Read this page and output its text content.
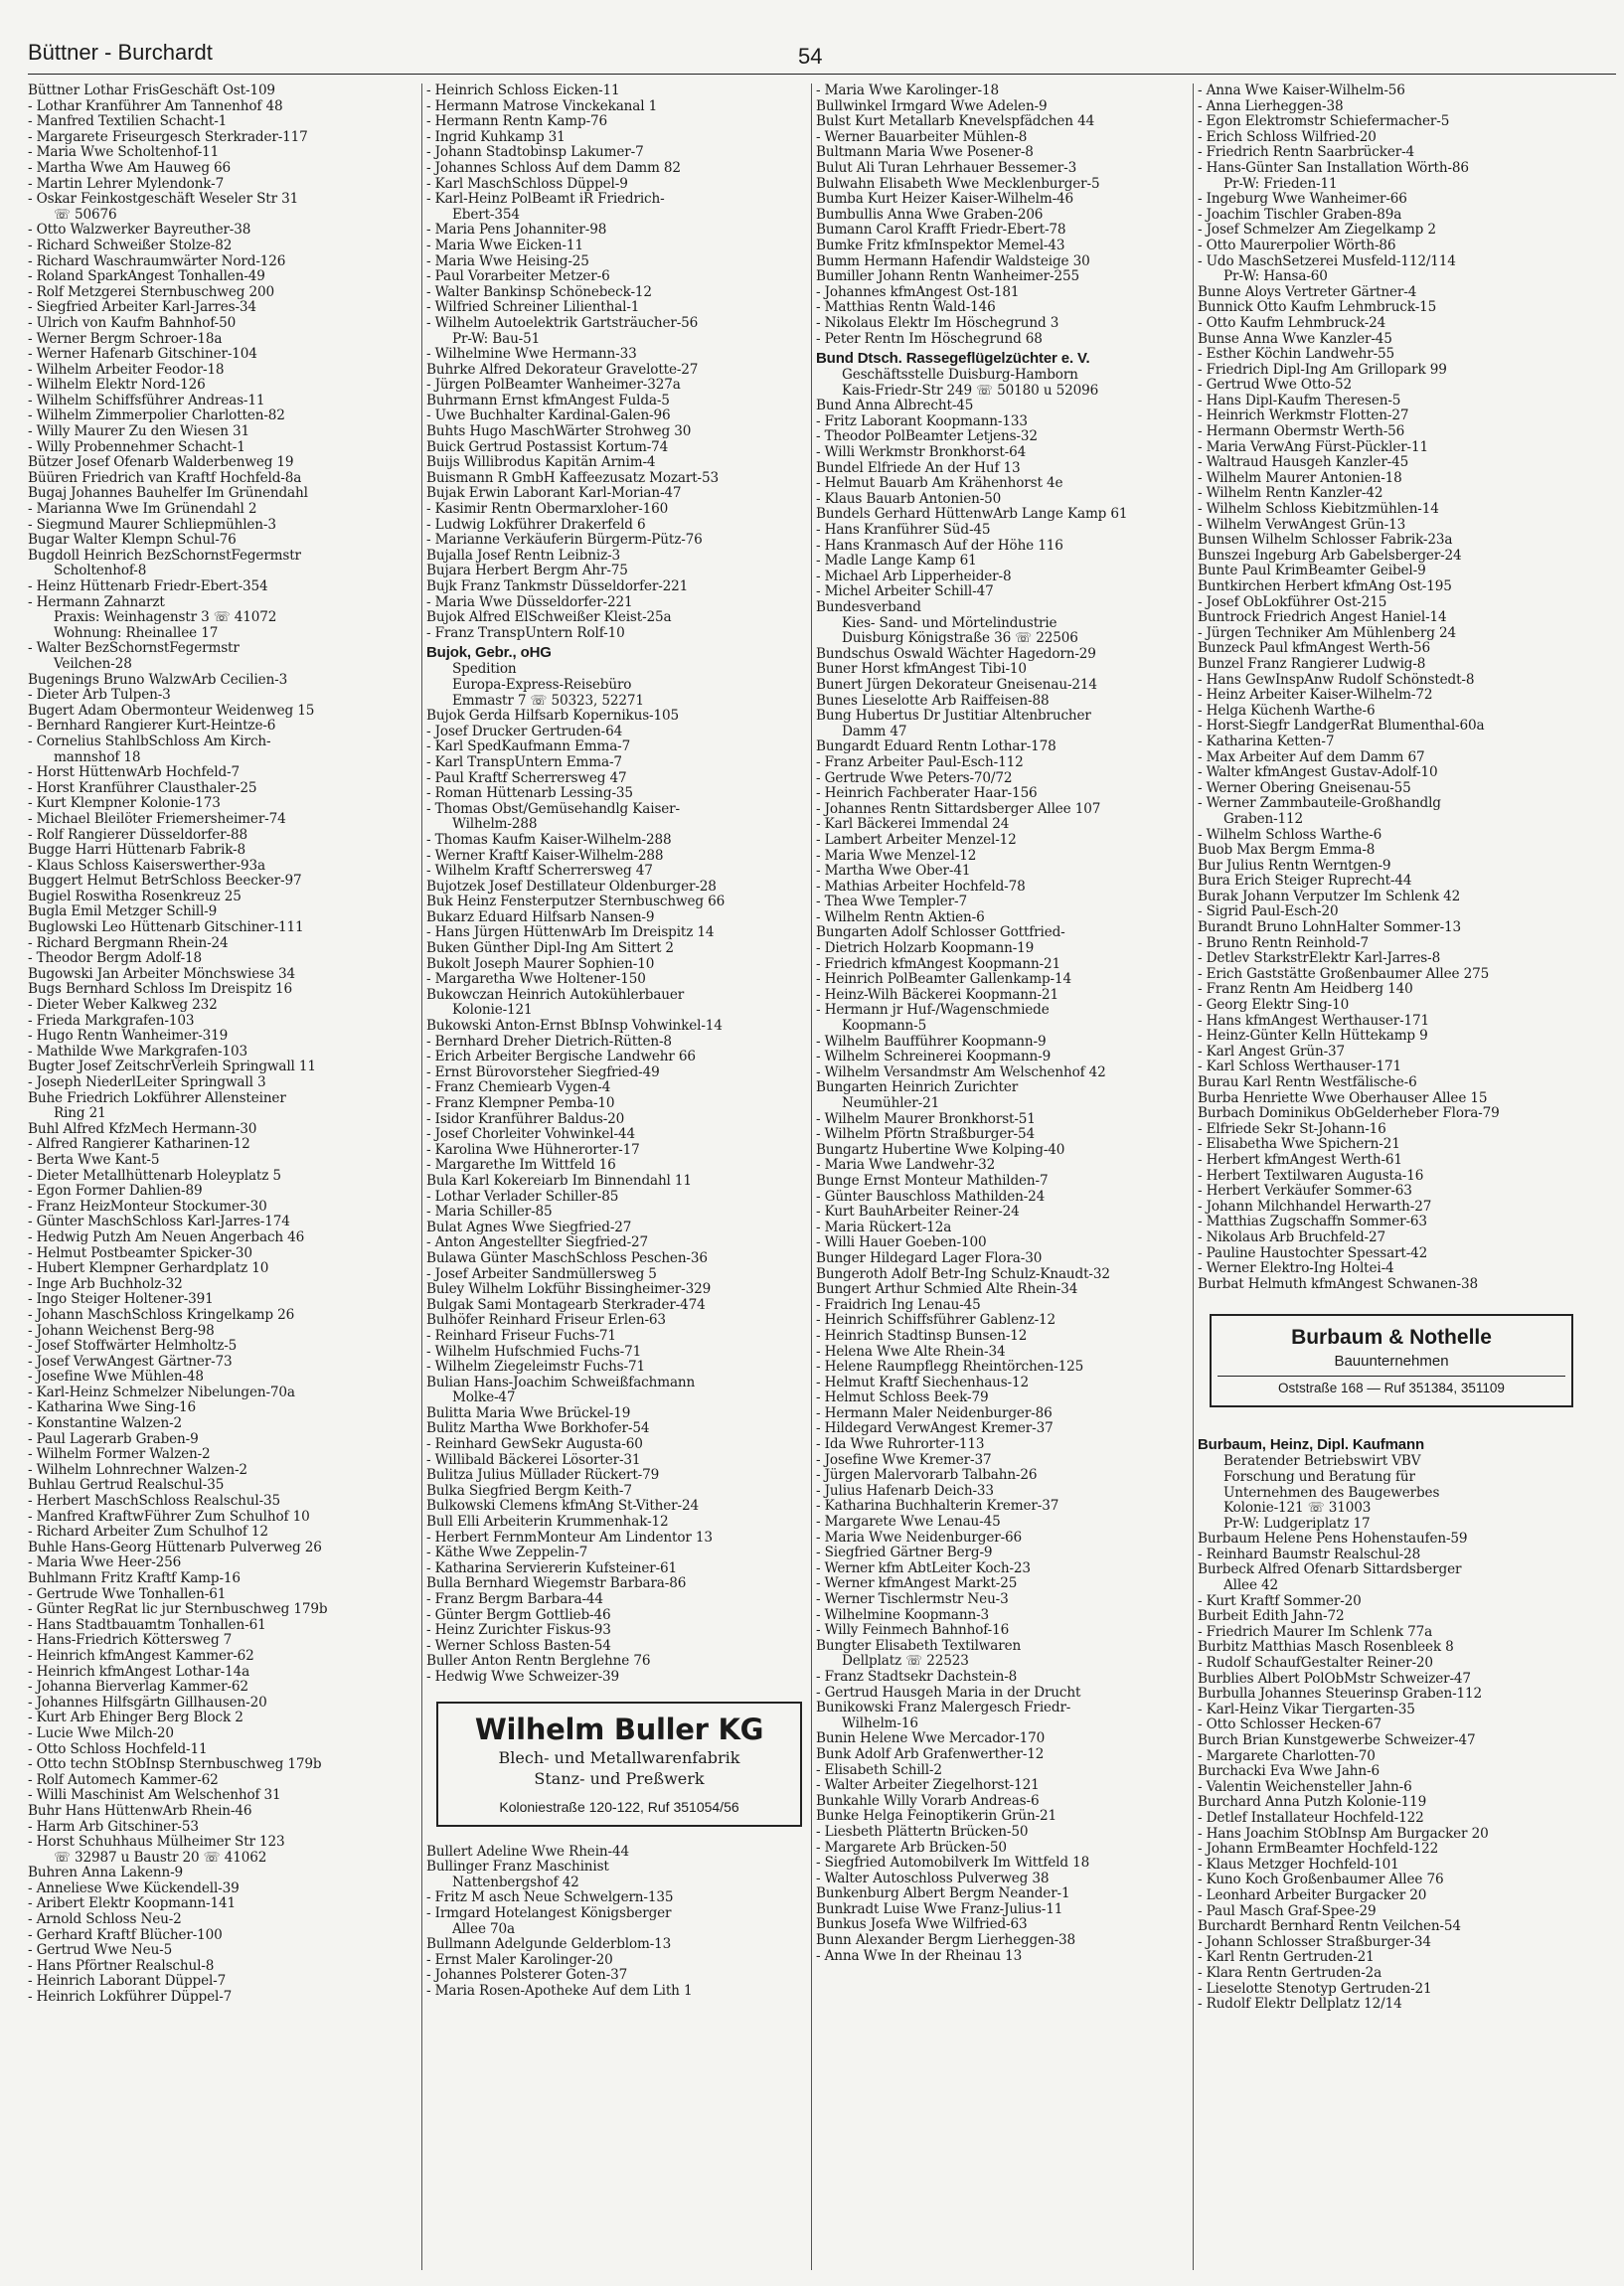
Büttner - Burchardt	54
Büttner Lothar FrisGeschäft Ost-109
- Lothar Kranführer Am Tannenhof 48
- Manfred Textilien Schacht-1
- Margarete Friseurgesch Sterkrader-117
- Maria Wwe Scholtenhof-11
- Martha Wwe Am Hauweg 66
- Martin Lehrer Mylendonk-7
- Oskar Feinkostgeschäft Weseler Str 31
☏ 50676
- Otto Walzwerker Bayreuther-38
- Richard Schweißer Stolze-82
- Richard Waschraumwärter Nord-126
- Roland SparkAngest Tonhallen-49
- Rolf Metzgerei Sternbuschweg 200
- Siegfried Arbeiter Karl-Jarres-34
- Ulrich von Kaufm Bahnhof-50
- Werner Bergm Schroer-18a
- Werner Hafenarb Gitschiner-104
- Wilhelm Arbeiter Feodor-18
- Wilhelm Elektr Nord-126
- Wilhelm Schiffsführer Andreas-11
- Wilhelm Zimmerpolier Charlotten-82
- Willy Maurer Zu den Wiesen 31
- Willy Probennehmer Schacht-1
Bützer Josef Ofenarb Walderbenweg 19
Büüren Friedrich van Kraftf Hochfeld-8a
Bugaj Johannes Bauhelfer Im Grünendahl
- Marianna Wwe Im Grünendahl 2
- Siegmund Maurer Schliepmühlen-3
Bugar Walter Klempn Schul-76
Bugdoll Heinrich BezSchornstFegermstr
Scholtenhof-8
- Heinz Hüttenarb Friedr-Ebert-354
- Hermann Zahnarzt
Praxis: Weinhagenstr 3 ☏ 41072
Wohnung: Rheinallee 17
- Walter BezSchornstFegermstr
Veilchen-28
Bugenings Bruno WalzwArb Cecilien-3
- Dieter Arb Tulpen-3
Bugert Adam Obermonteur Weidenweg 15
- Bernhard Rangierer Kurt-Heintze-6
- Cornelius StahlbSchloss Am Kirch-
mannshof 18
- Horst HüttenwArb Hochfeld-7
- Horst Kranführer Clausthaler-25
- Kurt Klempner Kolonie-173
- Michael Bleilöter Friemersheimer-74
- Rolf Rangierer Düsseldorfer-88
Bugge Harri Hüttenarb Fabrik-8
- Klaus Schloss Kaiserswerther-93a
Buggert Helmut BetrSchloss Beecker-97
Bugiel Roswitha Rosenkreuz 25
Bugla Emil Metzger Schill-9
Buglowski Leo Hüttenarb Gitschiner-111
- Richard Bergmann Rhein-24
- Theodor Bergm Adolf-18
Bugowski Jan Arbeiter Mönchswiese 34
Bugs Bernhard Schloss Im Dreispitz 16
- Dieter Weber Kalkweg 232
- Frieda Markgrafen-103
- Hugo Rentn Wanheimer-319
- Mathilde Wwe Markgrafen-103
Bugter Josef ZeitschrVerleih Springwall 11
- Joseph NiederlLeiter Springwall 3
Buhe Friedrich Lokführer Allensteiner
Ring 21
Buhl Alfred KfzMech Hermann-30
- Alfred Rangierer Katharinen-12
- Berta Wwe Kant-5
- Dieter Metallhüttenarb Holeyplatz 5
- Egon Former Dahlien-89
- Franz HeizMonteur Stockumer-30
- Günter MaschSchloss Karl-Jarres-174
- Hedwig Putzh Am Neuen Angerbach 46
- Helmut Postbeamter Spicker-30
- Hubert Klempner Gerhardplatz 10
- Inge Arb Buchholz-32
- Ingo Steiger Holtener-391
- Johann MaschSchloss Kringelkamp 26
- Johann Weichenst Berg-98
- Josef Stoffwärter Helmholtz-5
- Josef VerwAngest Gärtner-73
- Josefine Wwe Mühlen-48
- Karl-Heinz Schmelzer Nibelungen-70a
- Katharina Wwe Sing-16
- Konstantine Walzen-2
- Paul Lagerarb Graben-9
- Wilhelm Former Walzen-2
- Wilhelm Lohnrechner Walzen-2
Buhlau Gertrud Realschul-35
- Herbert MaschSchloss Realschul-35
- Manfred KraftwFührer Zum Schulhof 10
- Richard Arbeiter Zum Schulhof 12
Buhle Hans-Georg Hüttenarb Pulverweg 26
- Maria Wwe Heer-256
Buhlmann Fritz Kraftf Kamp-16
- Gertrude Wwe Tonhallen-61
- Günter RegRat lic jur Sternbuschweg 179b
- Hans Stadtbauamtm Tonhallen-61
- Hans-Friedrich Köttersweg 7
- Heinrich kfmAngest Kammer-62
- Heinrich kfmAngest Lothar-14a
- Johanna Bierverlag Kammer-62
- Johannes Hilfsgärtn Gillhausen-20
- Kurt Arb Ehinger Berg Block 2
- Lucie Wwe Milch-20
- Otto Schloss Hochfeld-11
- Otto techn StObInsp Sternbuschweg 179b
- Rolf Automech Kammer-62
- Willi Maschinist Am Welschenhof 31
Buhr Hans HüttenwArb Rhein-46
- Harm Arb Gitschiner-53
- Horst Schuhhaus Mülheimer Str 123
☏ 32987 u Baustr 20 ☏ 41062
Buhren Anna Lakenn-9
- Anneliese Wwe Kückendell-39
- Aribert Elektr Koopmann-141
- Arnold Schloss Neu-2
- Gerhard Kraftf Blücher-100
- Gertrud Wwe Neu-5
- Hans Pförtner Realschul-8
- Heinrich Laborant Düppel-7
- Heinrich Lokführer Düppel-7
- Heinrich Schloss Eicken-11
- Hermann Matrose Vinckekanal 1
- Hermann Rentn Kamp-76
- Ingrid Kuhkamp 31
- Johann Stadtobinsp Lakumer-7
- Johannes Schloss Auf dem Damm 82
- Karl MaschSchloss Düppel-9
- Karl-Heinz PolBeamt iR Friedrich-
Ebert-354
- Maria Pens Johanniter-98
- Maria Wwe Eicken-11
- Maria Wwe Heising-25
- Paul Vorarbeiter Metzer-6
- Walter Bankinsp Schönebeck-12
- Wilfried Schreiner Lilienthal-1
- Wilhelm Autoelektrik Gartsträucher-56
Pr-W: Bau-51
- Wilhelmine Wwe Hermann-33
Buhrke Alfred Dekorateur Gravelotte-27
- Jürgen PolBeamter Wanheimer-327a
Buhrmann Ernst kfmAngest Fulda-5
- Uwe Buchhalter Kardinal-Galen-96
Buhts Hugo MaschWärter Strohweg 30
Buick Gertrud Postassist Kortum-74
Buijs Willibrodus Kapitän Arnim-4
Buismann R GmbH Kaffeezusatz Mozart-53
Bujak Erwin Laborant Karl-Morian-47
- Kasimir Rentn Obermarxloher-160
- Ludwig Lokführer Drakerfeld 6
- Marianne Verkäuferin Bürgerm-Pütz-76
Bujalla Josef Rentn Leibniz-3
Bujara Herbert Bergm Ahr-75
Bujk Franz Tankmstr Düsseldorfer-221
- Maria Wwe Düsseldorfer-221
Bujok Alfred ElSchweißer Kleist-25a
- Franz TranspUntern Rolf-10
Bujok, Gebr., oHG
Spedition
Europa-Express-Reisebüro
Emmastr 7 ☏ 50323, 52271
Bujok Gerda Hilfsarb Kopernikus-105
- Josef Drucker Gertruden-64
- Karl SpedKaufmann Emma-7
- Karl TranspUntern Emma-7
- Paul Kraftf Scherrersweg 47
- Roman Hüttenarb Lessing-35
- Thomas Obst/Gemüsehandlg Kaiser-
Wilhelm-288
- Thomas Kaufm Kaiser-Wilhelm-288
- Werner Kraftf Kaiser-Wilhelm-288
- Wilhelm Kraftf Scherrersweg 47
Bujotzek Josef Destillateur Oldenburger-28
Buk Heinz Fensterputzer Sternbuschweg 66
Bukarz Eduard Hilfsarb Nansen-9
- Hans Jürgen HüttenwArb Im Dreispitz 14
Buken Günther Dipl-Ing Am Sittert 2
Bukolt Joseph Maurer Sophien-10
- Margaretha Wwe Holtener-150
Bukowczan Heinrich Autokühlerbauer
Kolonie-121
Bukowski Anton-Ernst BbInsp Vohwinkel-14
- Bernhard Dreher Dietrich-Rütten-8
- Erich Arbeiter Bergische Landwehr 66
- Ernst Bürovorsteher Siegfried-49
- Franz Chemiearb Vygen-4
- Franz Klempner Pemba-10
- Isidor Kranführer Baldus-20
- Josef Chorleiter Vohwinkel-44
- Karolina Wwe Hühnerorter-17
- Margarethe Im Wittfeld 16
Bula Karl Kokereiarb Im Binnendahl 11
- Lothar Verlader Schiller-85
- Maria Schiller-85
Bulat Agnes Wwe Siegfried-27
- Anton Angestellter Siegfried-27
Bulawa Günter MaschSchloss Peschen-36
- Josef Arbeiter Sandmüllersweg 5
Buley Wilhelm Lokführ Bissingheimer-329
Bulgak Sami Montagearb Sterkrader-474
Bulhöfer Reinhard Friseur Erlen-63
- Reinhard Friseur Fuchs-71
- Wilhelm Hufschmied Fuchs-71
- Wilhelm Ziegeleimstr Fuchs-71
Bulian Hans-Joachim Schweißfachmann
Molke-47
Bulitta Maria Wwe Brückel-19
Bulitz Martha Wwe Borkhofer-54
- Reinhard GewSekr Augusta-60
- Willibald Bäckerei Lösorter-31
Bulitza Julius Müllader Rückert-79
Bulka Siegfried Bergm Keith-7
Bulkowski Clemens kfmAng St-Vither-24
Bull Elli Arbeiterin Krummenhak-12
- Herbert FernmMonteur Am Lindentor 13
- Käthe Wwe Zeppelin-7
- Katharina Serviererin Kufsteiner-61
Bulla Bernhard Wiegemstr Barbara-86
- Franz Bergm Barbara-44
- Günter Bergm Gottlieb-46
- Heinz Zurichter Fiskus-93
- Werner Schloss Basten-54
Buller Anton Rentn Berglehne 76
- Hedwig Wwe Schweizer-39
Wilhelm Buller KG
Blech- und Metallwarenfabrik
Stanz- und Preßwerk
Koloniestraße 120-122, Ruf 351054/56
Bullert Adeline Wwe Rhein-44
Bullinger Franz Maschinist
Nattenbergshof 42
- Fritz M asch Neue Schwelgern-135
- Irmgard Hotelangest Königsberger
Allee 70a
Bullmann Adelgunde Gelderblom-13
- Ernst Maler Karolinger-20
- Johannes Polsterer Goten-37
- Maria Rosen-Apotheke Auf dem Lith 1
- Maria Wwe Karolinger-18
Bullwinkel Irmgard Wwe Adelen-9
Bulst Kurt Metallarb Knevelspfädchen 44
- Werner Bauarbeiter Mühlen-8
Bultmann Maria Wwe Posener-8
Bulut Ali Turan Lehrhauer Bessemer-3
Bulwahn Elisabeth Wwe Mecklenburger-5
Bumba Kurt Heizer Kaiser-Wilhelm-46
Bumbullis Anna Wwe Graben-206
Bumann Carol Krafft Friedr-Ebert-78
Bumke Fritz kfmInspektor Memel-43
Bumm Hermann Hafendir Waldsteige 30
Bumiller Johann Rentn Wanheimer-255
- Johannes kfmAngest Ost-181
- Matthias Rentn Wald-146
- Nikolaus Elektr Im Höschegrund 3
- Peter Rentn Im Höschegrund 68
Bund Dtsch. Rassegeflügelzüchter e. V.
Geschäftsstelle Duisburg-Hamborn
Kais-Friedr-Str 249 ☏ 50180 u 52096
Bund Anna Albrecht-45
- Fritz Laborant Koopmann-133
- Theodor PolBeamter Letjens-32
- Willi Werkmstr Bronkhorst-64
Bundel Elfriede An der Huf 13
- Helmut Bauarb Am Krähenhorst 4e
- Klaus Bauarb Antonien-50
Bundels Gerhard HüttenwArb Lange Kamp 61
- Hans Kranführer Süd-45
- Hans Kranmasch Auf der Höhe 116
- Madle Lange Kamp 61
- Michael Arb Lipperheider-8
- Michel Arbeiter Schill-47
Bundesverband
Kies- Sand- und Mörtelindustrie
Duisburg Königstraße 36 ☏ 22506
Bundschus Oswald Wächter Hagedorn-29
Buner Horst kfmAngest Tibi-10
Bunert Jürgen Dekorateur Gneisenau-214
Bunes Lieselotte Arb Raiffeisen-88
Bung Hubertus Dr Justitiar Altenbrucher
Damm 47
Bungardt Eduard Rentn Lothar-178
- Franz Arbeiter Paul-Esch-112
- Gertrude Wwe Peters-70/72
- Heinrich Fachberater Haar-156
- Johannes Rentn Sittardsberger Allee 107
- Karl Bäckerei Immendal 24
- Lambert Arbeiter Menzel-12
- Maria Wwe Menzel-12
- Martha Wwe Ober-41
- Mathias Arbeiter Hochfeld-78
- Thea Wwe Templer-7
- Wilhelm Rentn Aktien-6
Bungarten Adolf Schlosser Gottfried-
- Dietrich Holzarb Koopmann-19
- Friedrich kfmAngest Koopmann-21
- Heinrich PolBeamter Gallenkamp-14
- Heinz-Wilh Bäckerei Koopmann-21
- Hermann jr Huf-/Wagenschmiede
Koopmann-5
- Wilhelm Baufführer Koopmann-9
- Wilhelm Schreinerei Koopmann-9
- Wilhelm Versandmstr Am Welschenhof 42
Bungarten Heinrich Zurichter
Neumühler-21
- Wilhelm Maurer Bronkhorst-51
- Wilhelm Pförtn Straßburger-54
Bungartz Hubertine Wwe Kolping-40
- Maria Wwe Landwehr-32
Bunge Ernst Monteur Mathilden-7
- Günter Bauschloss Mathilden-24
- Kurt BauhArbeiter Reiner-24
- Maria Rückert-12a
- Willi Hauer Goeben-100
Bunger Hildegard Lager Flora-30
Bungeroth Adolf Betr-Ing Schulz-Knaudt-32
Bungert Arthur Schmied Alte Rhein-34
- Fraidrich Ing Lenau-45
- Heinrich Schiffsführer Gablenz-12
- Heinrich Stadtinsp Bunsen-12
- Helena Wwe Alte Rhein-34
- Helene Raumpflegg Rheintörchen-125
- Helmut Kraftf Siechenhaus-12
- Helmut Schloss Beek-79
- Hermann Maler Neidenburger-86
- Hildegard VerwAngest Kremer-37
- Ida Wwe Ruhrorter-113
- Josefine Wwe Kremer-37
- Jürgen Malervorarb Talbahn-26
- Julius Hafenarb Deich-33
- Katharina Buchhalterin Kremer-37
- Margarete Wwe Lenau-45
- Maria Wwe Neidenburger-66
- Siegfried Gärtner Berg-9
- Werner kfm AbtLeiter Koch-23
- Werner kfmAngest Markt-25
- Werner Tischlermstr Neu-3
- Wilhelmine Koopmann-3
- Willy Feinmech Bahnhof-16
Bungter Elisabeth Textilwaren
Dellplatz ☏ 22523
- Franz Stadtsekr Dachstein-8
- Gertrud Hausgeh Maria in der Drucht
Bunikowski Franz Malergesch Friedr-
Wilhelm-16
Bunin Helene Wwe Mercador-170
Bunk Adolf Arb Grafenwerther-12
- Elisabeth Schill-2
- Walter Arbeiter Ziegelhorst-121
Bunkahle Willy Vorarb Andreas-6
Bunke Helga Feinoptikerin Grün-21
- Liesbeth Plättertn Brücken-50
- Margarete Arb Brücken-50
- Siegfried Automobilverk Im Wittfeld 18
- Walter Autoschloss Pulverweg 38
Bunkenburg Albert Bergm Neander-1
Bunkradt Luise Wwe Franz-Julius-11
Bunkus Josefa Wwe Wilfried-63
Bunn Alexander Bergm Lierheggen-38
- Anna Wwe In der Rheinau 13
- Anna Wwe Kaiser-Wilhelm-56
- Anna Lierheggen-38
- Egon Elektromstr Schiefermacher-5
- Erich Schloss Wilfried-20
- Friedrich Rentn Saarbrücker-4
- Hans-Günter San Installation Wörth-86
Pr-W: Frieden-11
- Ingeburg Wwe Wanheimer-66
- Joachim Tischler Graben-89a
- Josef Schmelzer Am Ziegelkamp 2
- Otto Maurerpolier Wörth-86
- Udo MaschSetzerei Musfeld-112/114
Pr-W: Hansa-60
Bunne Aloys Vertreter Gärtner-4
Bunnick Otto Kaufm Lehmbruck-15
- Otto Kaufm Lehmbruck-24
Bunse Anna Wwe Kanzler-45
- Esther Köchin Landwehr-55
- Friedrich Dipl-Ing Am Grillopark 99
- Gertrud Wwe Otto-52
- Hans Dipl-Kaufm Theresen-5
- Heinrich Werkmstr Flotten-27
- Hermann Obermstr Werth-56
- Maria VerwAng Fürst-Pückler-11
- Waltraud Hausgeh Kanzler-45
- Wilhelm Maurer Antonien-18
- Wilhelm Rentn Kanzler-42
- Wilhelm Schloss Kiebitzmühlen-14
- Wilhelm VerwAngest Grün-13
Bunsen Wilhelm Schlosser Fabrik-23a
Bunszei Ingeburg Arb Gabelsberger-24
Bunte Paul KrimBeamter Geibel-9
Buntkirchen Herbert kfmAng Ost-195
- Josef ObLokführer Ost-215
Buntrock Friedrich Angest Haniel-14
- Jürgen Techniker Am Mühlenberg 24
Bunzeck Paul kfmAngest Werth-56
Bunzel Franz Rangierer Ludwig-8
- Hans GewInspAnw Rudolf Schönstedt-8
- Heinz Arbeiter Kaiser-Wilhelm-72
- Helga Küchenh Warthe-6
- Horst-Siegfr LandgerRat Blumenthal-60a
- Katharina Ketten-7
- Max Arbeiter Auf dem Damm 67
- Walter kfmAngest Gustav-Adolf-10
- Werner Obering Gneisenau-55
- Werner Zammbauteile-Großhandlg
Graben-112
- Wilhelm Schloss Warthe-6
Buob Max Bergm Emma-8
Bur Julius Rentn Werntgen-9
Bura Erich Steiger Ruprecht-44
Burak Johann Verputzer Im Schlenk 42
- Sigrid Paul-Esch-20
Burandt Bruno LohnHalter Sommer-13
- Bruno Rentn Reinhold-7
- Detlev StarkstrElektr Karl-Jarres-8
- Erich Gaststätte Großenbaumer Allee 275
- Franz Rentn Am Heidberg 140
- Georg Elektr Sing-10
- Hans kfmAngest Werthauser-171
- Heinz-Günter Kelln Hüttekamp 9
- Karl Angest Grün-37
- Karl Schloss Werthauser-171
Burau Karl Rentn Westfälische-6
Burba Henriette Wwe Oberhauser Allee 15
Burbach Dominikus ObGelderheber Flora-79
- Elfriede Sekr St-Johann-16
- Elisabetha Wwe Spichern-21
- Herbert kfmAngest Werth-61
- Herbert Textilwaren Augusta-16
- Herbert Verkäufer Sommer-63
- Johann Milchhandel Herwarth-27
- Matthias Zugschaffn Sommer-63
- Nikolaus Arb Bruchfeld-27
- Pauline Haustochter Spessart-42
- Werner Elektro-Ing Holtei-4
Burbat Helmuth kfmAngest Schwanen-38
Burbaum & Nothelle
Bauunternehmen
Oststraße 168 — Ruf 351384, 351109
Burbaum, Heinz, Dipl. Kaufmann
Beratender Betriebswirt VBV
Forschung und Beratung für
Unternehmen des Baugewerbes
Kolonie-121 ☏ 31003
Pr-W: Ludgeriplatz 17
Burbaum Helene Pens Hohenstaufen-59
- Reinhard Baumstr Realschul-28
Burbeck Alfred Ofenarb Sittardsberger
Allee 42
- Kurt Kraftf Sommer-20
Burbeit Edith Jahn-72
- Friedrich Maurer Im Schlenk 77a
Burbitz Matthias Masch Rosenbleek 8
- Rudolf SchaufGestalter Reiner-20
Burblies Albert PolObMstr Schweizer-47
Burbulla Johannes Steuerinsp Graben-112
- Karl-Heinz Vikar Tiergarten-35
- Otto Schlosser Hecken-67
Burch Brian Kunstgewerbe Schweizer-47
- Margarete Charlotten-70
Burchacki Eva Wwe Jahn-6
- Valentin Weichensteller Jahn-6
Burchard Anna Putzh Kolonie-119
- Detlef Installateur Hochfeld-122
- Hans Joachim StObInsp Am Burgacker 20
- Johann ErmBeamter Hochfeld-122
- Klaus Metzger Hochfeld-101
- Kuno Koch Großenbaumer Allee 76
- Leonhard Arbeiter Burgacker 20
- Paul Masch Graf-Spee-29
Burchardt Bernhard Rentn Veilchen-54
- Johann Schlosser Straßburger-34
- Karl Rentn Gertruden-21
- Klara Rentn Gertruden-2a
- Lieselotte Stenotyp Gertruden-21
- Rudolf Elektr Dellplatz 12/14
